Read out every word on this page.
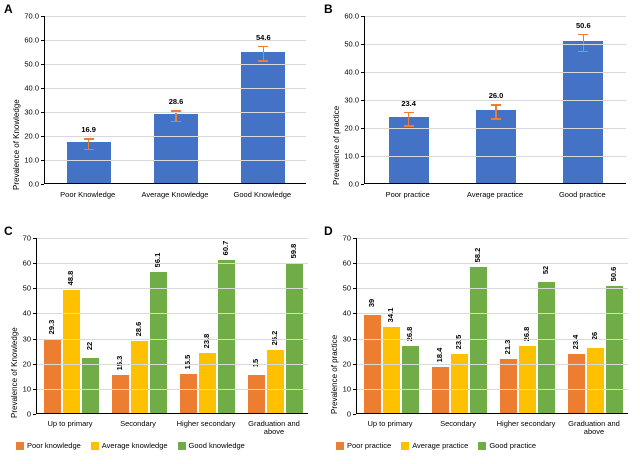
A
Prevalence of Knowledge	16.9
28.6
54.6
0.0
10.0
20.0
30.0
40.0
50.0
60.0
70.0
Poor Knowledge	Average Knowledge	Good Knowledge
B
Prevalence of practice
23.4
26.0
50.6
0.0
10.0
20.0
30.0
40.0
50.0
60.0
Poor practice	Average practice	Good practice
C
Prevalence of Knowledge	29.3
48.8
22
15.3
28.6
56.1
15.5
23.8
60.7
15
25.2
59.8
0
10
20
30
40
50
60
70
Up to primary	Secondary	Higher secondary	Graduation and above
Poor knowledge	Average knowledge	Good knowledge
D
Prevalence of practice
39
34.1
26.8
18.4
23.5
58.2
21.3
26.8
52
23.4 26
50.6
0
10
20
30
40
50
60
70
Up to primary	Secondary	Higher secondary	Graduation and above
Poor practice	Average practice	Good practice
